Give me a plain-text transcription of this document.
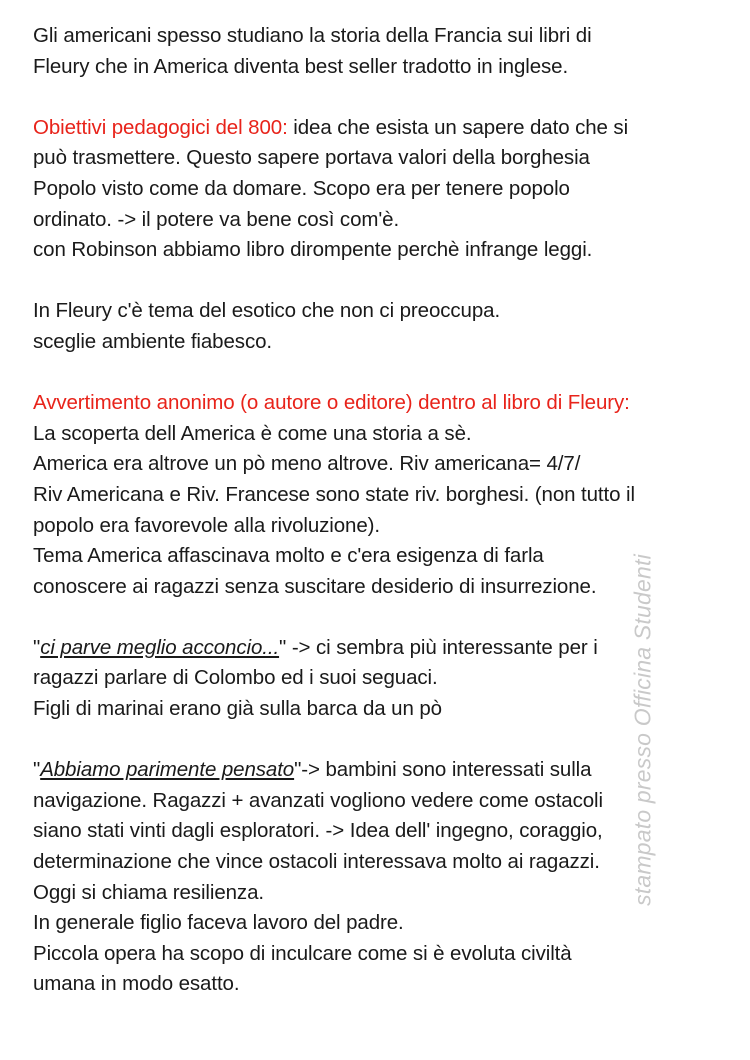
Gli americani spesso studiano la storia della Francia sui libri di
Fleury che in America diventa best seller tradotto in inglese.
Obiettivi pedagogici del 800: idea che esista un sapere dato che si
può trasmettere. Questo sapere portava valori della borghesia
Popolo visto come da domare. Scopo era per tenere popolo
ordinato. -> il potere va bene così com'è.
con Robinson abbiamo libro dirompente perchè infrange leggi.
In Fleury c'è tema del esotico che non ci preoccupa.
sceglie ambiente fiabesco.
Avvertimento anonimo (o autore o editore) dentro al libro di Fleury:
La scoperta dell America è come una storia a sè.
America era altrove un pò meno altrove. Riv americana= 4/7/
Riv Americana e Riv. Francese sono state riv. borghesi. (non tutto il
popolo era favorevole alla rivoluzione).
Tema America affascinava molto e c'era esigenza di farla
conoscere ai ragazzi senza suscitare desiderio di insurrezione.
"ci parve meglio acconcio..." -> ci sembra più interessante per i
ragazzi parlare di Colombo ed i suoi seguaci.
Figli di marinai erano già sulla barca da un pò
"Abbiamo parimente pensato"-> bambini sono interessati sulla
navigazione. Ragazzi + avanzati vogliono vedere come ostacoli
siano stati vinti dagli esploratori. -> Idea dell' ingegno, coraggio,
determinazione che vince ostacoli interessava molto ai ragazzi.
Oggi si chiama resilienza.
In generale figlio faceva lavoro del padre.
Piccola opera ha scopo di inculcare come si è evoluta civiltà
umana in modo esatto.
stampato presso Officina Studenti
